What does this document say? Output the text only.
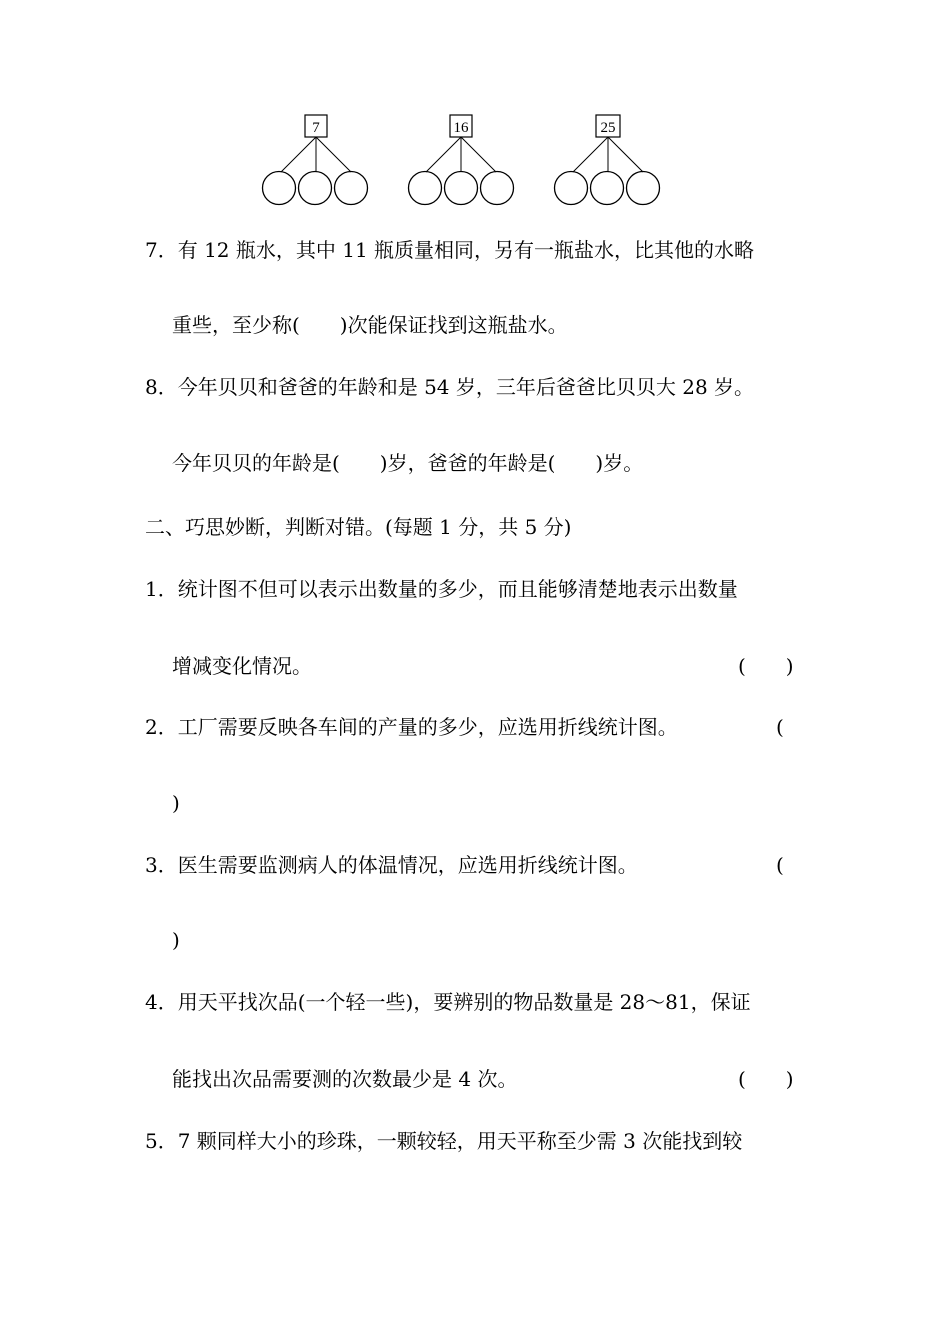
7	16	25
7．有 12 瓶水，其中 11 瓶质量相同，另有一瓶盐水，比其他的水略
重些，至少称(　　)次能保证找到这瓶盐水。
8．今年贝贝和爸爸的年龄和是 54 岁，三年后爸爸比贝贝大 28 岁。
今年贝贝的年龄是(　　)岁，爸爸的年龄是(　　)岁。
二、巧思妙断，判断对错。(每题 1 分，共 5 分)
1．统计图不但可以表示出数量的多少，而且能够清楚地表示出数量
增减变化情况。	(　　)
2．工厂需要反映各车间的产量的多少，应选用折线统计图。	(
)
3．医生需要监测病人的体温情况，应选用折线统计图。	(
)
4．用天平找次品(一个轻一些)，要辨别的物品数量是 28～81，保证
能找出次品需要测的次数最少是 4 次。	(　　)
5．7 颗同样大小的珍珠，一颗较轻，用天平称至少需 3 次能找到较
